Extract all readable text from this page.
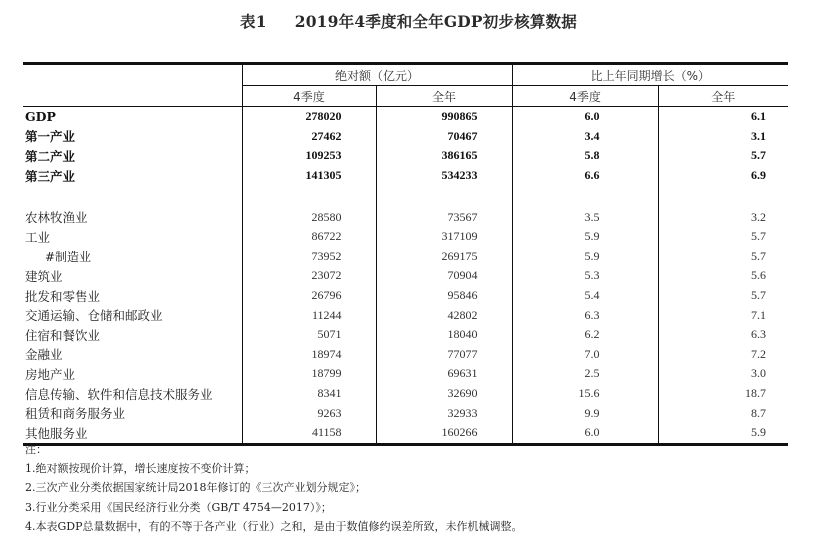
表1 2019年4季度和全年GDP初步核算数据
	绝对额（亿元）		比上年同期增长（%）	
	4季度	全年	4季度	全年
GDP	278020	990865	6.0	6.1
第一产业	27462	70467	3.4	3.1
第二产业	109253	386165	5.8	5.7
第三产业	141305	534233	6.6	6.9

农林牧渔业	28580	73567	3.5	3.2
工业	86722	317109	5.9	5.7
#制造业	73952	269175	5.9	5.7
建筑业	23072	70904	5.3	5.6
批发和零售业	26796	95846	5.4	5.7
交通运输、仓储和邮政业	11244	42802	6.3	7.1
住宿和餐饮业	5071	18040	6.2	6.3
金融业	18974	77077	7.0	7.2
房地产业	18799	69631	2.5	3.0
信息传输、软件和信息技术服务业	8341	32690	15.6	18.7
租赁和商务服务业	9263	32933	9.9	8.7
其他服务业	41158	160266	6.0	5.9
注：
1.绝对额按现价计算，增长速度按不变价计算；
2.三次产业分类依据国家统计局2018年修订的《三次产业划分规定》；
3.行业分类采用《国民经济行业分类（GB/T 4754—2017）》；
4.本表GDP总量数据中，有的不等于各产业（行业）之和，是由于数值修约误差所致，未作机械调整。
